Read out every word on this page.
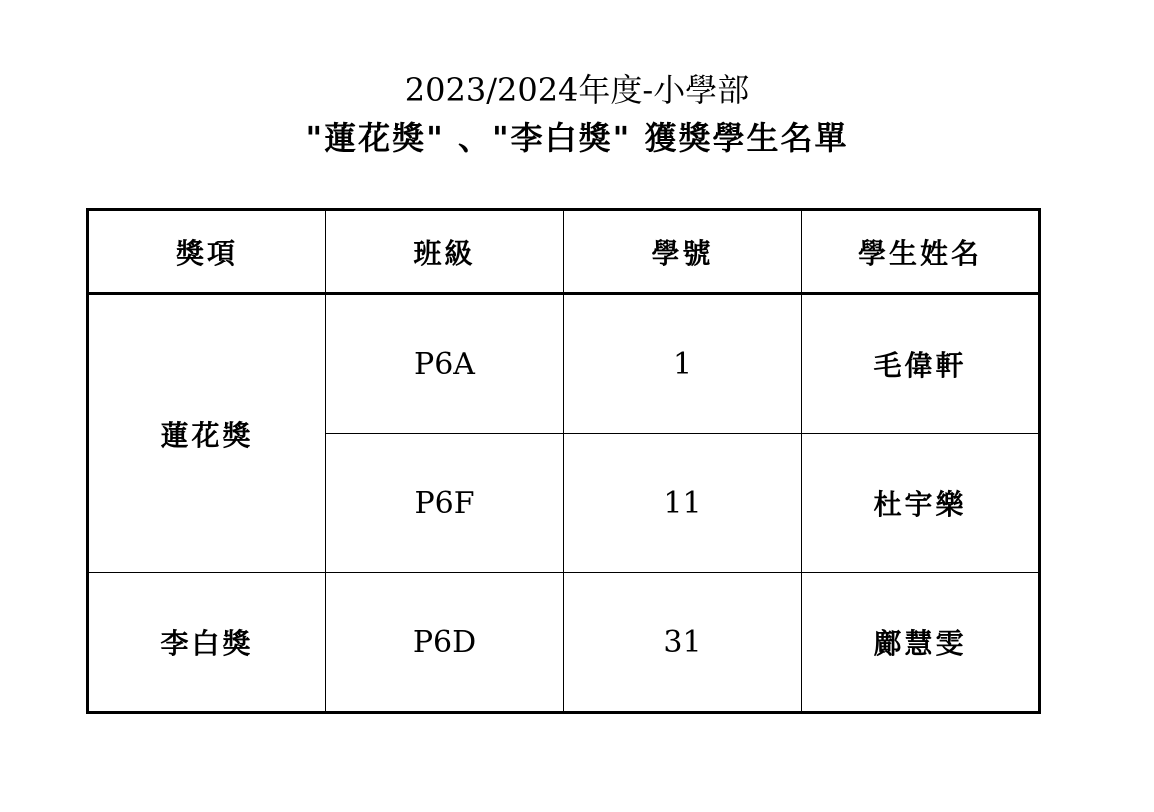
2023/2024年度-小學部
"蓮花獎" 、"李白獎" 獲獎學生名單
獎項	班級	學號	學生姓名
蓮花獎	P6A	1	毛偉軒
	P6F	11	杜宇樂
李白獎	P6D	31	鄺慧雯
